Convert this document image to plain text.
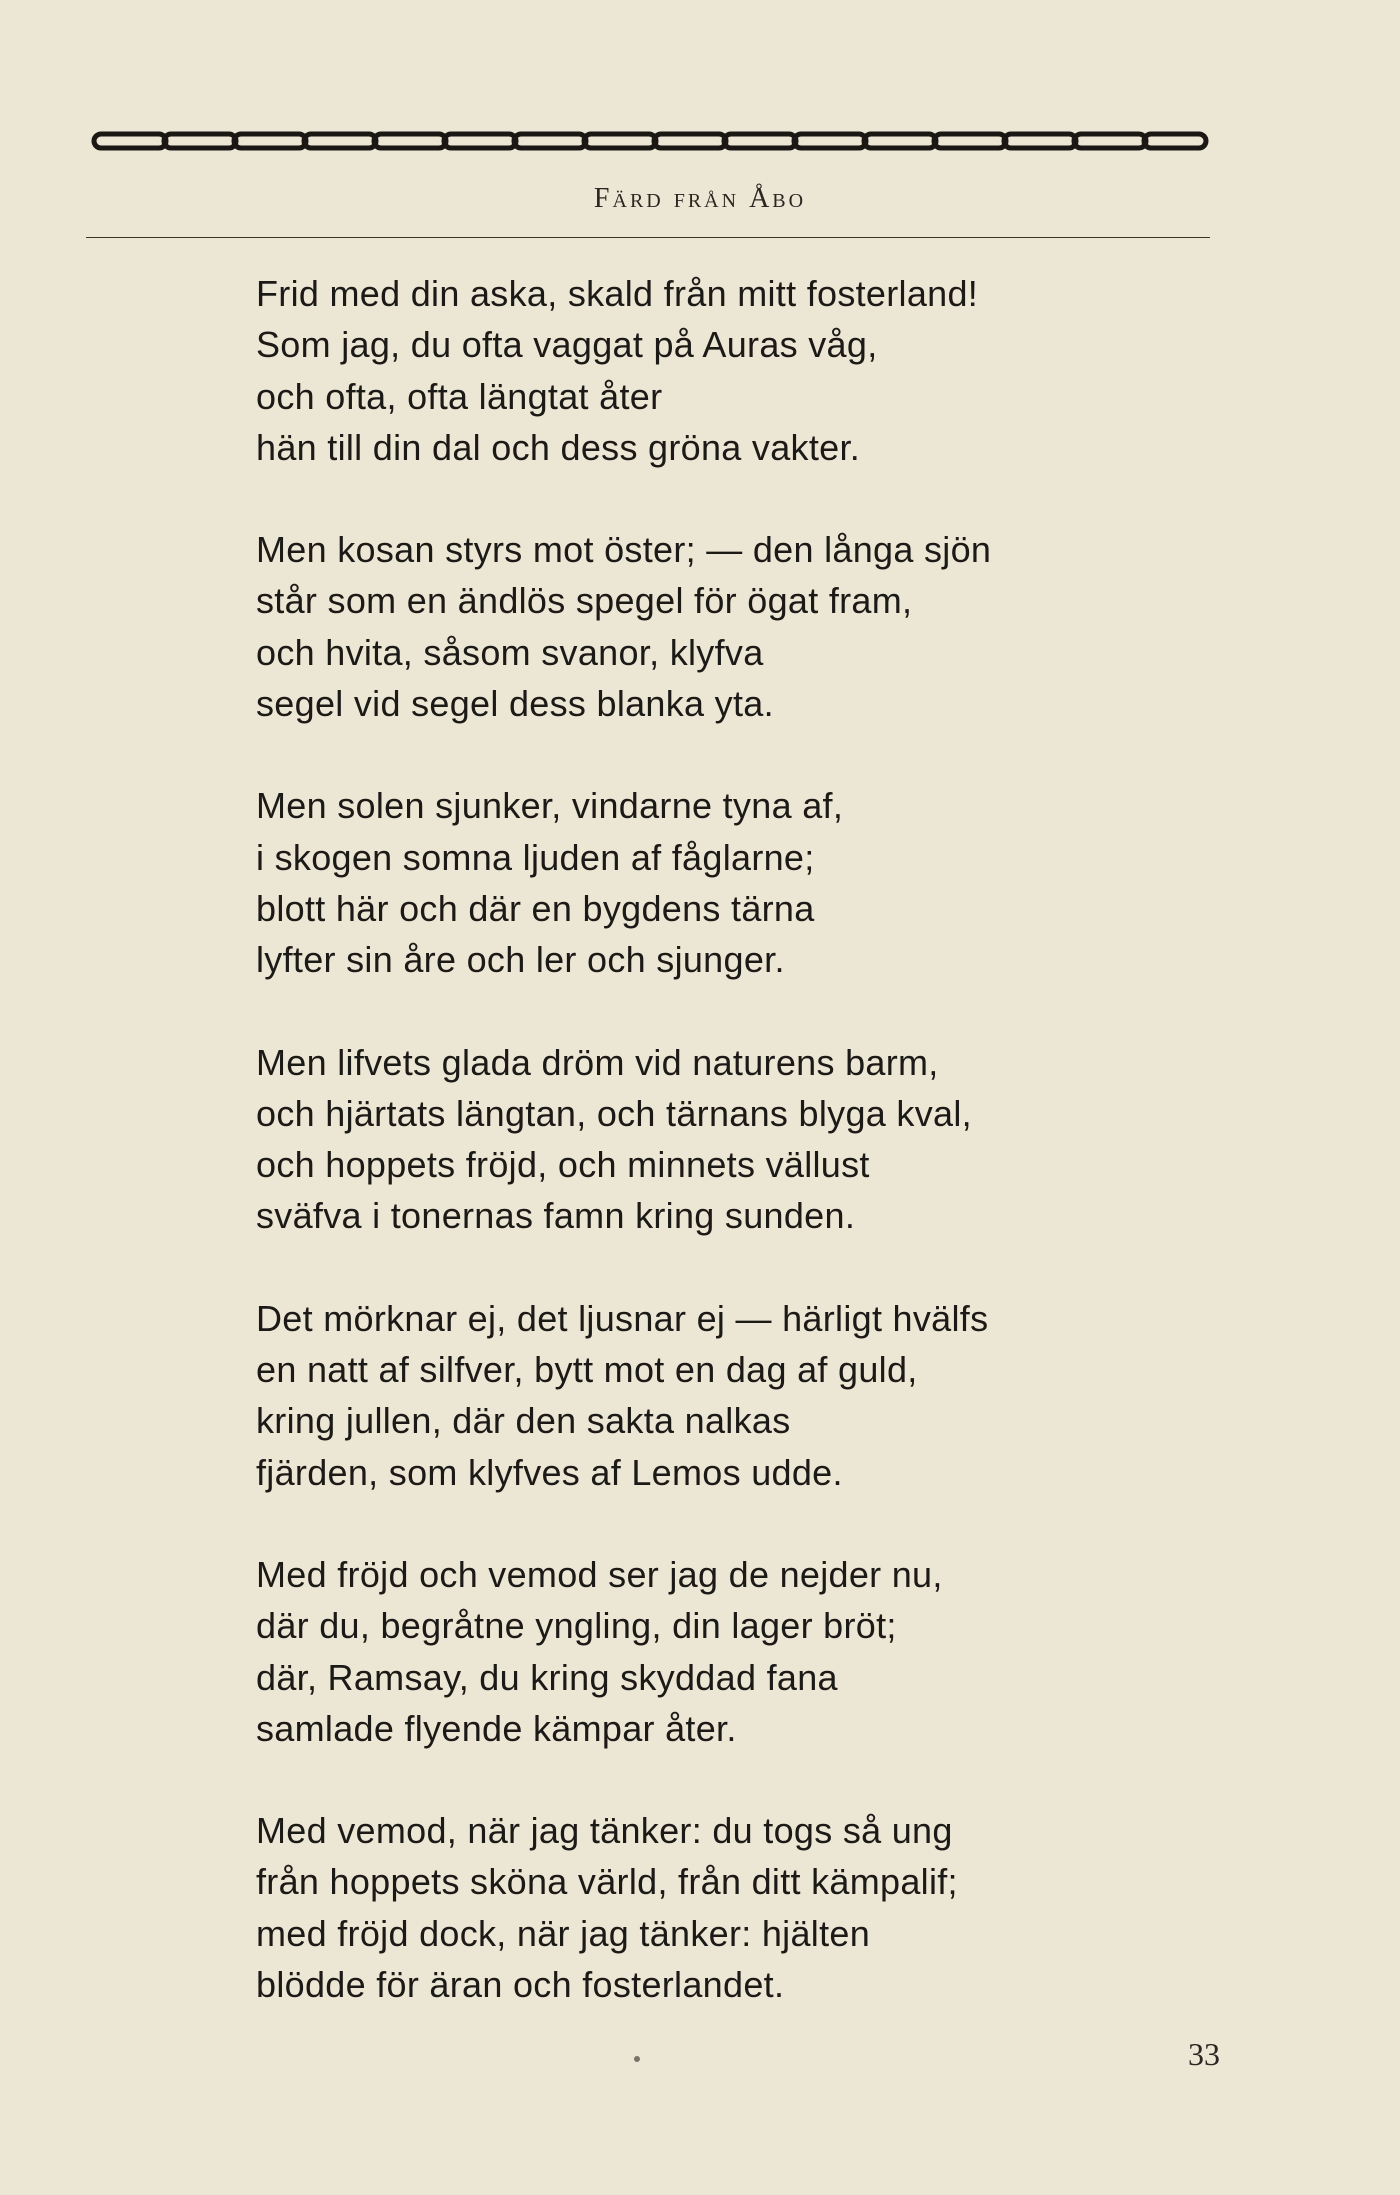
Färd från Åbo
Frid med din aska, skald från mitt fosterland!
Som jag, du ofta vaggat på Auras våg,
och ofta, ofta längtat åter
hän till din dal och dess gröna vakter.
Men kosan styrs mot öster; — den långa sjön
står som en ändlös spegel för ögat fram,
och hvita, såsom svanor, klyfva
segel vid segel dess blanka yta.
Men solen sjunker, vindarne tyna af,
i skogen somna ljuden af fåglarne;
blott här och där en bygdens tärna
lyfter sin åre och ler och sjunger.
Men lifvets glada dröm vid naturens barm,
och hjärtats längtan, och tärnans blyga kval,
och hoppets fröjd, och minnets vällust
sväfva i tonernas famn kring sunden.
Det mörknar ej, det ljusnar ej — härligt hvälfs
en natt af silfver, bytt mot en dag af guld,
kring jullen, där den sakta nalkas
fjärden, som klyfves af Lemos udde.
Med fröjd och vemod ser jag de nejder nu,
där du, begråtne yngling, din lager bröt;
där, Ramsay, du kring skyddad fana
samlade flyende kämpar åter.
Med vemod, när jag tänker: du togs så ung
från hoppets sköna värld, från ditt kämpalif;
med fröjd dock, när jag tänker: hjälten
blödde för äran och fosterlandet.
33
